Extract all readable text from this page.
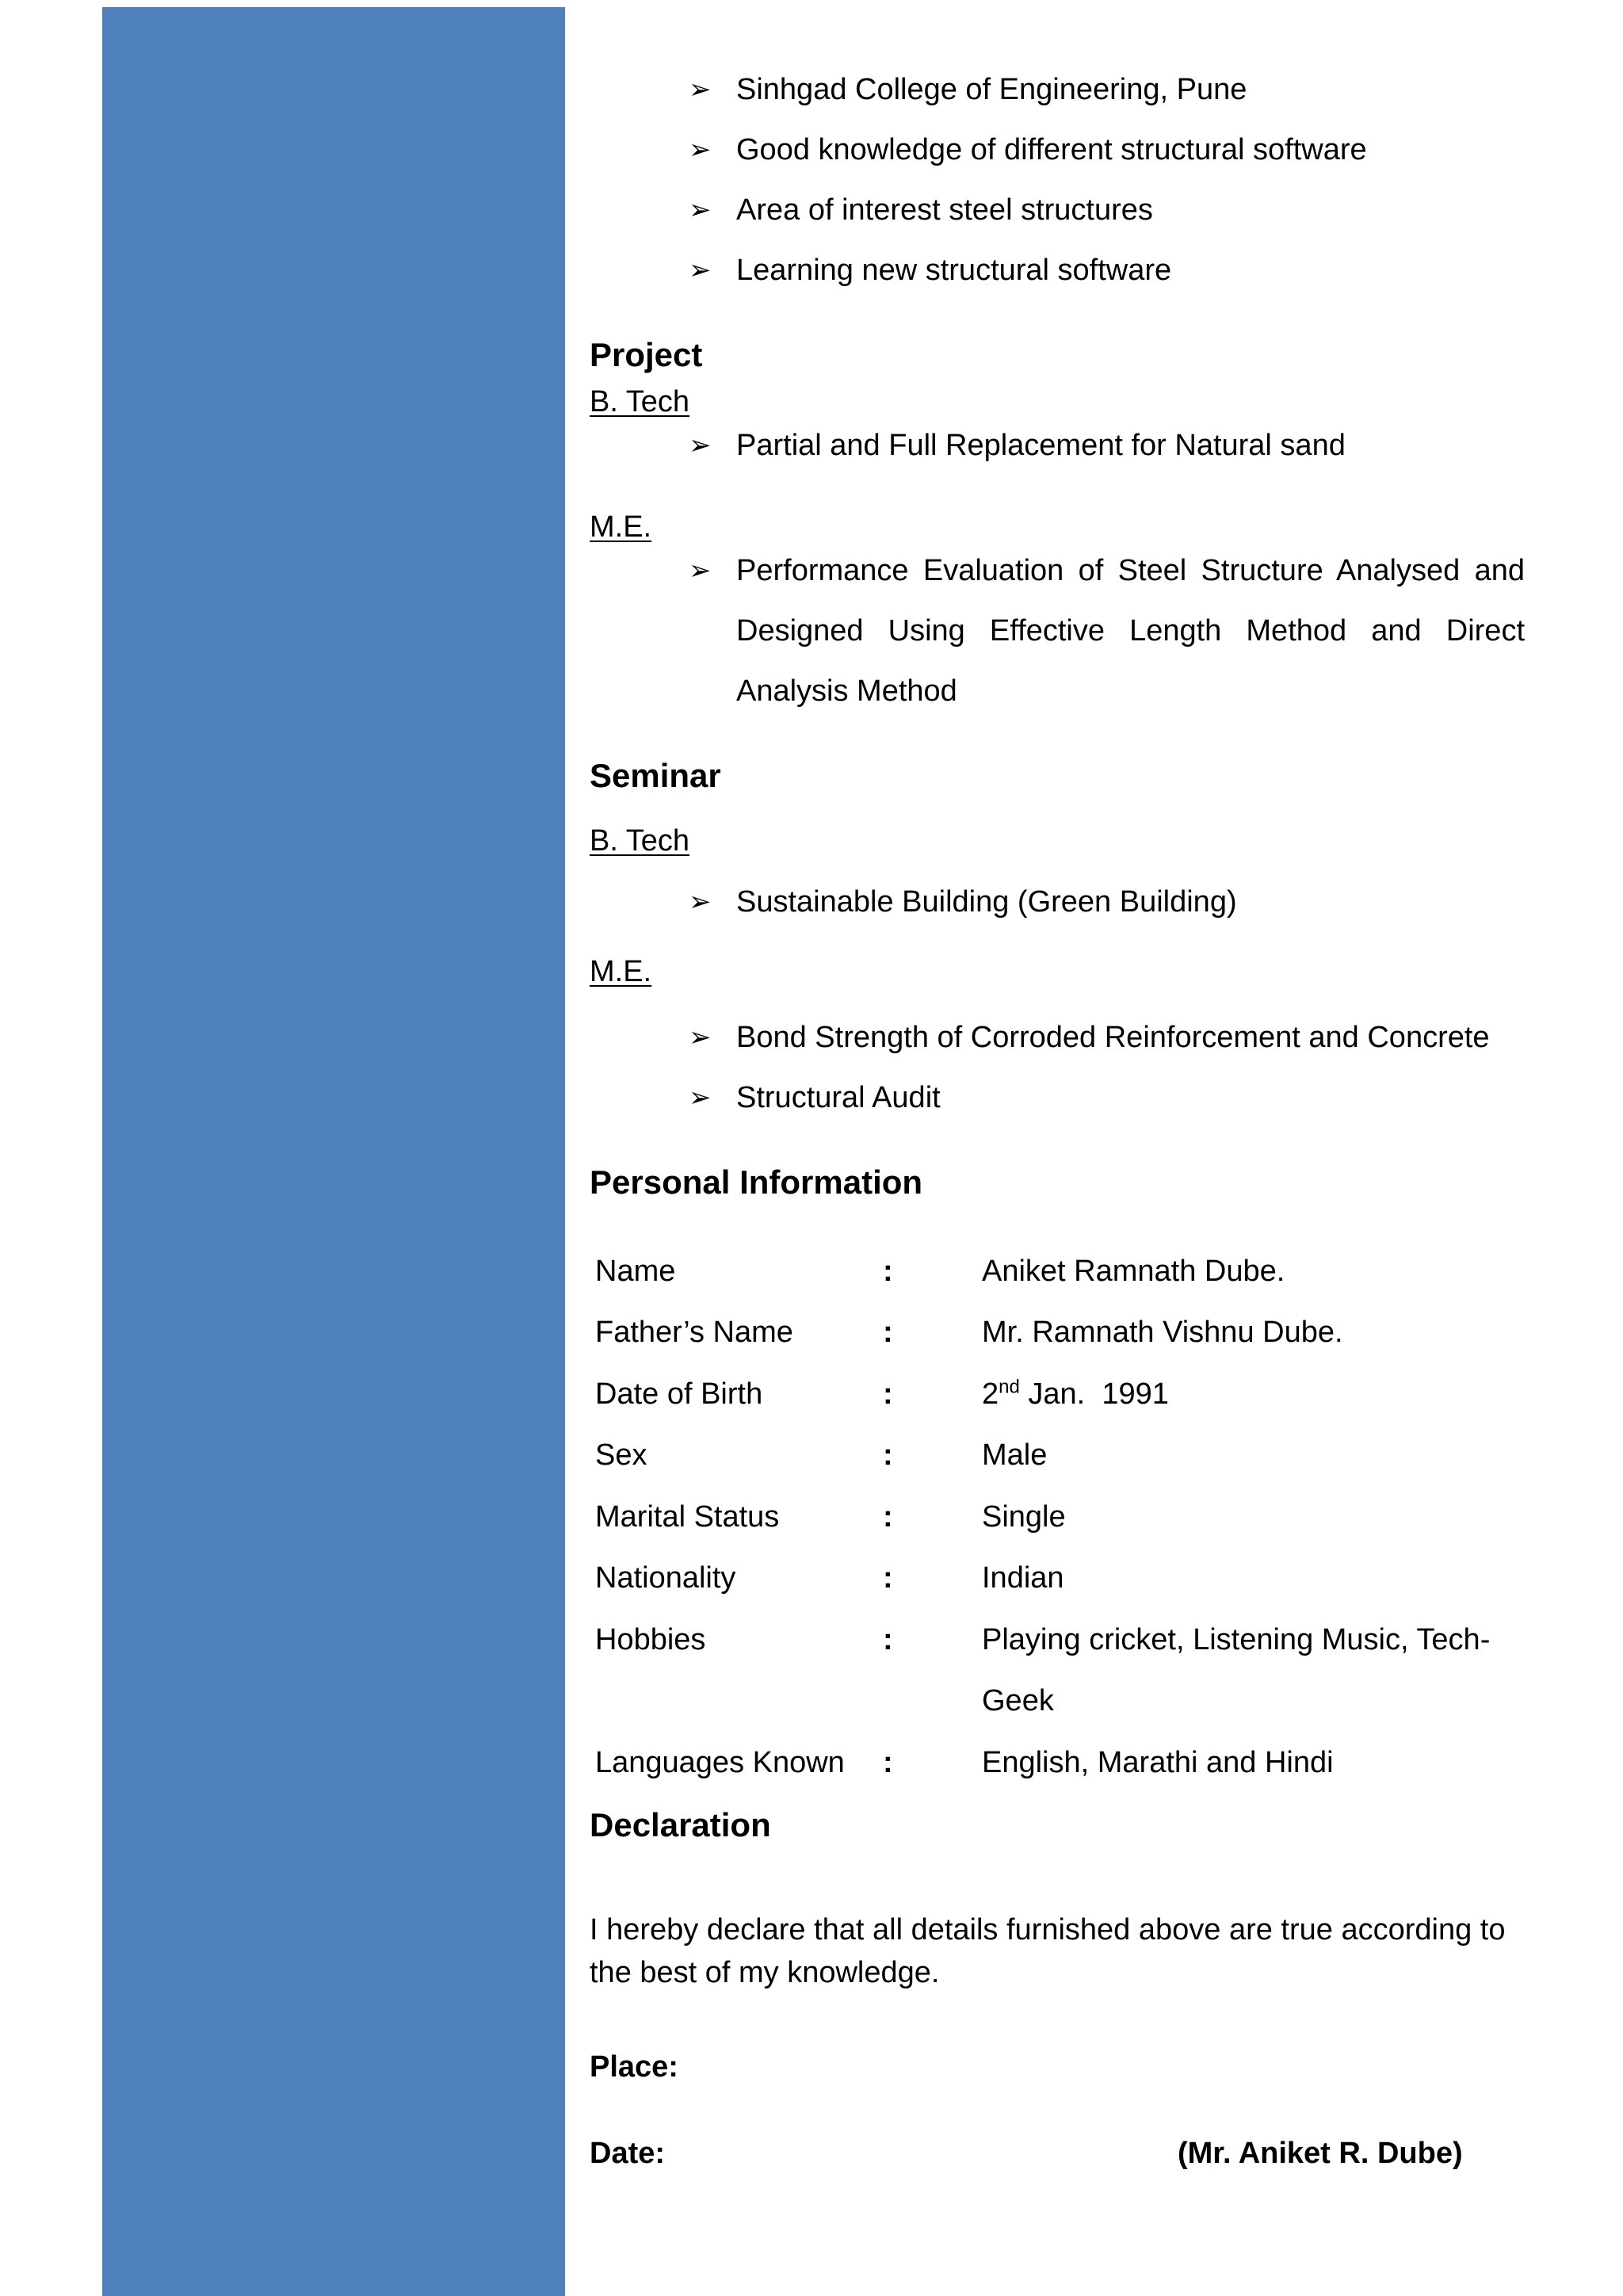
➢ Sinhgad College of Engineering, Pune
➢ Good knowledge of different structural software
➢ Area of interest steel structures
➢ Learning new structural software
Project
B. Tech
➢ Partial and Full Replacement for Natural sand
M.E.
➢ Performance Evaluation of Steel Structure Analysed and Designed Using Effective Length Method and Direct Analysis Method
Seminar
B. Tech
➢ Sustainable Building (Green Building)
M.E.
➢ Bond Strength of Corroded Reinforcement and Concrete
➢ Structural Audit
Personal Information
Name	:	Aniket Ramnath Dube.
Father’s Name	:	Mr. Ramnath Vishnu Dube.
Date of Birth	:	2nd Jan.  1991
Sex	:	Male
Marital Status	:	Single
Nationality	:	Indian
Hobbies	:	Playing cricket, Listening Music, Tech-
Geek
Languages Known :	English, Marathi and Hindi
Declaration
I hereby declare that all details furnished above are true according to
the best of my knowledge.
Place:
Date:	(Mr. Aniket R. Dube)
